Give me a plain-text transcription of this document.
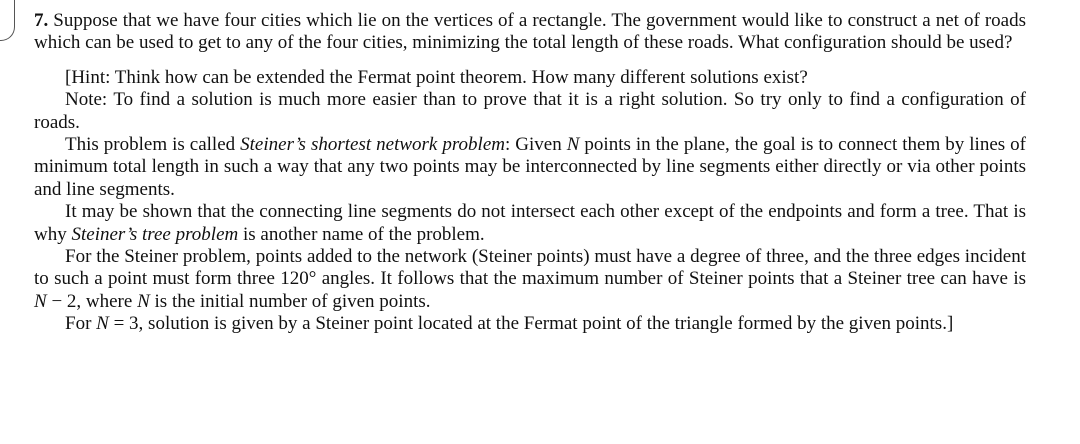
7. Suppose that we have four cities which lie on the vertices of a rectangle. The government would like to construct a net of roads which can be used to get to any of the four cities, minimizing the total length of these roads. What configuration should be used?

[Hint: Think how can be extended the Fermat point theorem. How many different solutions exist?

Note: To find a solution is much more easier than to prove that it is a right solution. So try only to find a configuration of roads.

This problem is called Steiner’s shortest network problem: Given N points in the plane, the goal is to connect them by lines of minimum total length in such a way that any two points may be interconnected by line segments either directly or via other points and line segments.

It may be shown that the connecting line segments do not intersect each other except of the endpoints and form a tree. That is why Steiner’s tree problem is another name of the problem.

For the Steiner problem, points added to the network (Steiner points) must have a degree of three, and the three edges incident to such a point must form three 120° angles. It follows that the maximum number of Steiner points that a Steiner tree can have is N − 2, where N is the initial number of given points.

For N = 3, solution is given by a Steiner point located at the Fermat point of the triangle formed by the given points.]
